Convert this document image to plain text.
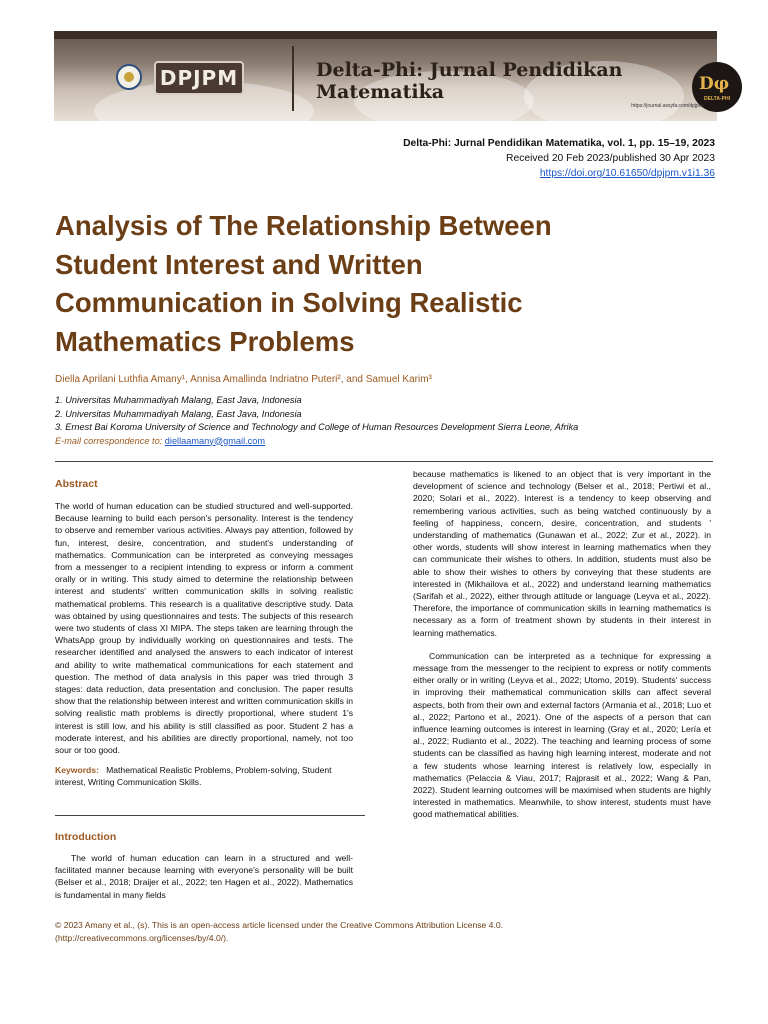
DPJPM	Delta-Phi: Jurnal Pendidikan Matematika	Dφ
DELTA-PHI
https://journal.assyfa.com/dpjpm
Delta-Phi: Jurnal Pendidikan Matematika, vol. 1, pp. 15–19, 2023
Received 20 Feb 2023/published 30 Apr 2023
https://doi.org/10.61650/dpjpm.v1i1.36
Analysis of The Relationship Between Student Interest and Written Communication in Solving Realistic Mathematics Problems
Diella Aprilani Luthfia Amany¹, Annisa Amallinda Indriatno Puteri², and Samuel Karim³
1. Universitas Muhammadiyah Malang, East Java, Indonesia
2. Universitas Muhammadiyah Malang, East Java, Indonesia
3. Ernest Bai Koroma University of Science and Technology and College of Human Resources Development Sierra Leone, Afrika
E-mail correspondence to: diellaamany@gmail.com
Abstract

The world of human education can be studied structured and well-supported. Because learning to build each person's personality. Interest is the tendency to observe and remember various activities. Always pay attention, followed by fun, interest, desire, concentration, and student's understanding of mathematics. Communication can be interpreted as conveying messages from a messenger to a recipient intending to express or inform a comment orally or in writing. This study aimed to determine the relationship between interest and students' written communication skills in solving realistic mathematical problems. This research is a qualitative descriptive study. Data was obtained by using questionnaires and tests. The subjects of this research were two students of class XI MIPA. The steps taken are learning through the WhatsApp group by individually working on questionnaires and tests. The researcher identified and analysed the answers to each indicator of interest and ability to write mathematical communications for each statement and question. The method of data analysis in this paper was tried through 3 stages: data reduction, data presentation and conclusion. The paper results show that the relationship between interest and written communication skills in solving realistic math problems is directly proportional, where student 1's interest is still low, and his ability is still classified as poor. Student 2 has a moderate interest, and his abilities are directly proportional, namely, not too sour or too good.

Keywords: Mathematical Realistic Problems, Problem-solving, Student interest, Writing Communication Skills.

Introduction

The world of human education can learn in a structured and well-facilitated manner because learning with everyone's personality will be built (Belser et al., 2018; Draijer et al., 2022; ten Hagen et al., 2022). Mathematics is fundamental in many fields

because mathematics is likened to an object that is very important in the development of science and technology (Belser et al., 2018; Pertiwi et al., 2020; Solari et al., 2022). Interest is a tendency to keep observing and remembering various activities, such as being watched continuously by a feeling of happiness, concern, desire, concentration, and students ' understanding of mathematics (Gunawan et al., 2022; Zur et al., 2022). in other words, students will show interest in learning mathematics when they can communicate their wishes to others. In addition, students must also be able to show their wishes to others by conveying that these students are interested in (Mikhailova et al., 2022) and understand learning mathematics (Sarifah et al., 2022), either through attitude or language (Leyva et al., 2022). Therefore, the importance of communication skills in learning mathematics is necessary as a form of treatment shown by students in their interest in learning mathematics.

Communication can be interpreted as a technique for expressing a message from the messenger to the recipient to express or notify comments either orally or in writing (Leyva et al., 2022; Utomo, 2019). Students' success in improving their mathematical communication skills can affect several aspects, both from their own and external factors (Armania et al., 2018; Luo et al., 2022; Partono et al., 2021). One of the aspects of a person that can influence learning outcomes is interest in learning (Gray et al., 2020; Lería et al., 2022; Rudianto et al., 2022). The teaching and learning process of some students can be classified as having high learning interest, moderate and not a few students whose learning interest is relatively low, especially in mathematics (Pelaccia & Viau, 2017; Rajprasit et al., 2022; Wang & Pan, 2022). Student learning outcomes will be maximised when students are highly interested in mathematics. Meanwhile, to show interest, students must have good mathematical abilities.

© 2023 Amany et al., (s). This is an open-access article licensed under the Creative Commons Attribution License 4.0. (http://creativecommons.org/licenses/by/4.0/).
